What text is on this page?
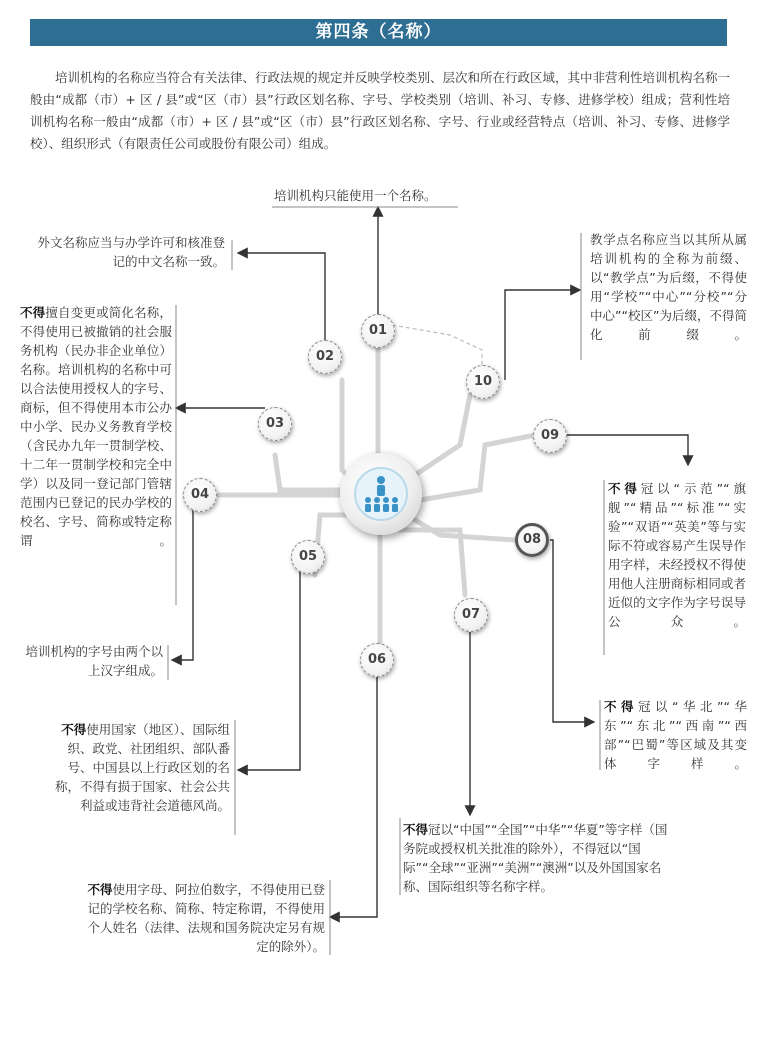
第四条（名称）
培训机构的名称应当符合有关法律、行政法规的规定并反映学校类别、层次和所在行政区域，其中非营利性培训机构名称一般由“成都（市）+ 区 / 县”或“区（市）县”行政区划名称、字号、学校类别（培训、补习、专修、进修学校）组成；营利性培训机构名称一般由“成都（市）+ 区 / 县”或“区（市）县”行政区划名称、字号、行业或经营特点（培训、补习、专修、进修学校）、组织形式（有限责任公司或股份有限公司）组成。
01
02
03
04
05
06
07
08
09
10
培训机构只能使用一个名称。
外文名称应当与办学许可和核准登记的中文名称一致。
不得擅自变更或简化名称，不得使用已被撤销的社会服务机构（民办非企业单位）名称。培训机构的名称中可以合法使用授权人的字号、商标，但不得使用本市公办中小学、民办义务教育学校（含民办九年一贯制学校、十二年一贯制学校和完全中学）以及同一登记部门管辖范围内已登记的民办学校的校名、字号、简称或特定称谓。
培训机构的字号由两个以上汉字组成。
不得使用国家（地区）、国际组织、政党、社团组织、部队番号、中国县以上行政区划的名称，不得有损于国家、社会公共利益或违背社会道德风尚。
不得使用字母、阿拉伯数字，不得使用已登记的学校名称、简称、特定称谓，不得使用个人姓名（法律、法规和国务院决定另有规定的除外）。
不得冠以“中国”“全国”“中华”“华夏”等字样（国务院或授权机关批准的除外），不得冠以“国际”“全球”“亚洲”“美洲”“澳洲”以及外国国家名称、国际组织等名称字样。
不得冠以“华北”“华东”“东北”“西南”“西部”“巴蜀”等区域及其变体字样。
不得冠以“示范”“旗舰”“精品”“标准”“实验”“双语”“英美”等与实际不符或容易产生误导作用字样，未经授权不得使用他人注册商标相同或者近似的文字作为字号误导公众。
教学点名称应当以其所从属培训机构的全称为前缀、以“教学点”为后缀，不得使用“学校”“中心”“分校”“分中心”“校区”为后缀，不得简化前缀。
